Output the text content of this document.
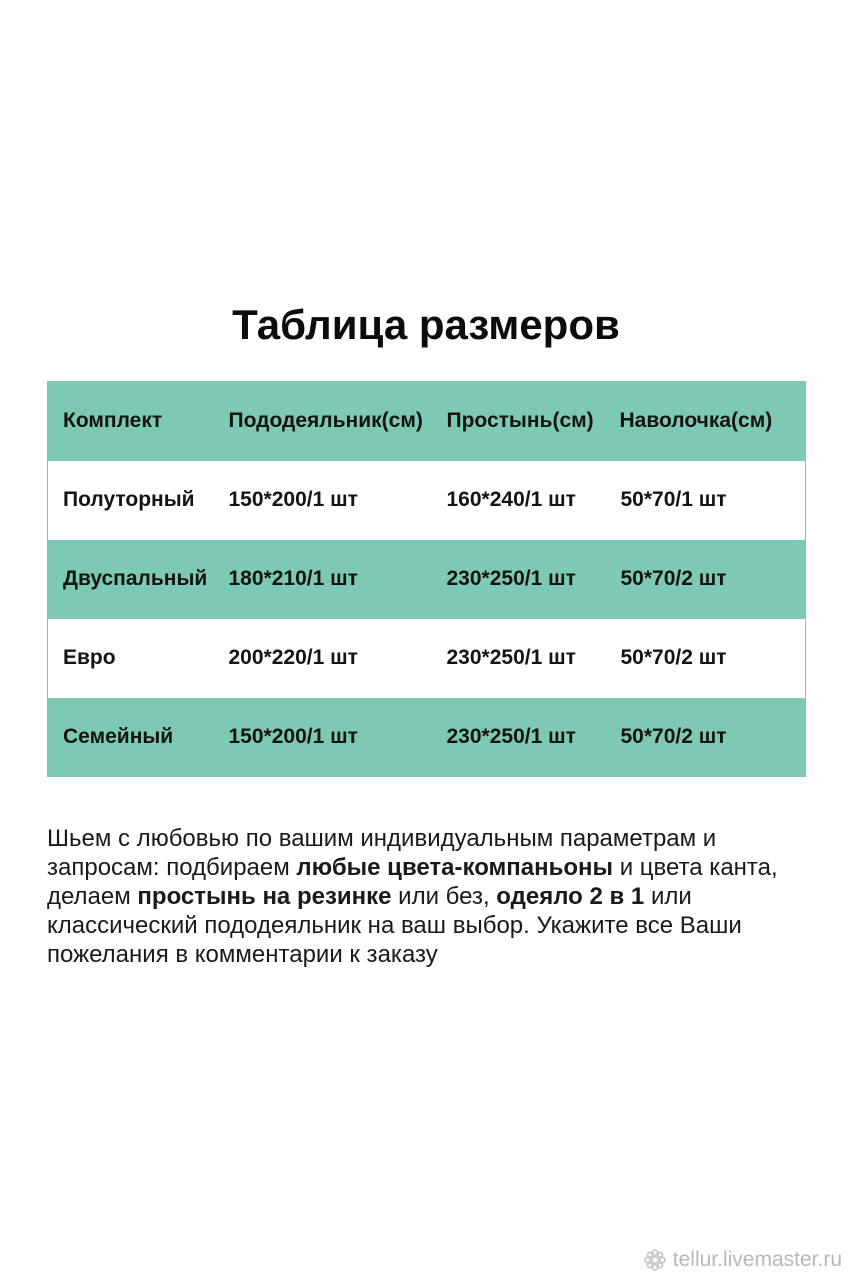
Таблица размеров
Комплект	Пододеяльник(см)	Простынь(см)	Наволочка(см)
Полуторный	150*200/1 шт	160*240/1 шт	50*70/1 шт
Двуспальный	180*210/1 шт	230*250/1 шт	50*70/2 шт
Евро	200*220/1 шт	230*250/1 шт	50*70/2 шт
Семейный	150*200/1 шт	230*250/1 шт	50*70/2 шт

Шьем с любовью по вашим индивидуальным параметрам и запросам: подбираем любые цвета-компаньоны и цвета канта, делаем простынь на резинке или без, одеяло 2 в 1 или классический пододеяльник на ваш выбор. Укажите все Ваши пожелания в комментарии к заказу

tellur.livemaster.ru
